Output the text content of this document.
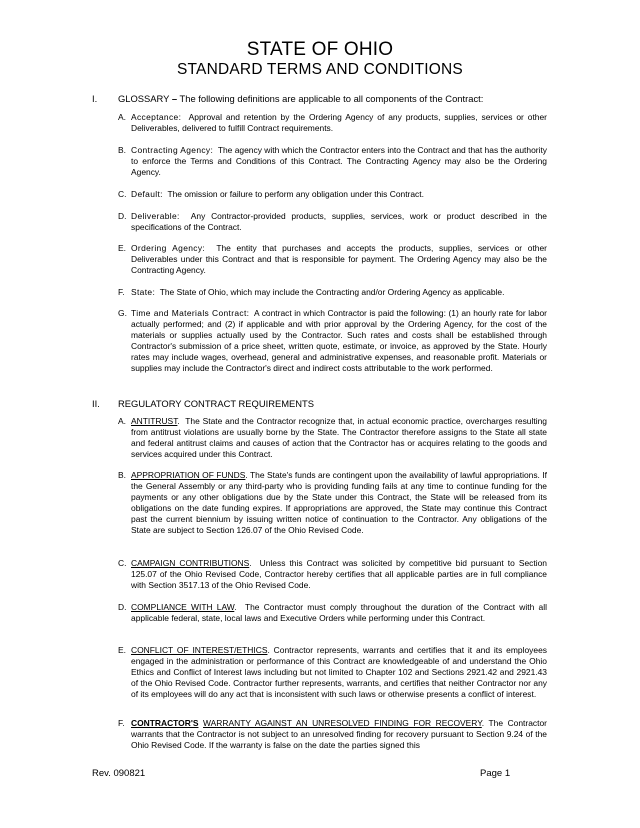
STATE OF OHIO
STANDARD TERMS AND CONDITIONS
I. GLOSSARY – The following definitions are applicable to all components of the Contract:
A. Acceptance: Approval and retention by the Ordering Agency of any products, supplies, services or other Deliverables, delivered to fulfill Contract requirements.
B. Contracting Agency: The agency with which the Contractor enters into the Contract and that has the authority to enforce the Terms and Conditions of this Contract. The Contracting Agency may also be the Ordering Agency.
C. Default: The omission or failure to perform any obligation under this Contract.
D. Deliverable: Any Contractor-provided products, supplies, services, work or product described in the specifications of the Contract.
E. Ordering Agency: The entity that purchases and accepts the products, supplies, services or other Deliverables under this Contract and that is responsible for payment. The Ordering Agency may also be the Contracting Agency.
F. State: The State of Ohio, which may include the Contracting and/or Ordering Agency as applicable.
G. Time and Materials Contract: A contract in which Contractor is paid the following: (1) an hourly rate for labor actually performed; and (2) if applicable and with prior approval by the Ordering Agency, for the cost of the materials or supplies actually used by the Contractor. Such rates and costs shall be established through Contractor's submission of a price sheet, written quote, estimate, or invoice, as approved by the State. Hourly rates may include wages, overhead, general and administrative expenses, and reasonable profit. Materials or supplies may include the Contractor's direct and indirect costs attributable to the work performed.
II. REGULATORY CONTRACT REQUIREMENTS
A. ANTITRUST.  The State and the Contractor recognize that, in actual economic practice, overcharges resulting from antitrust violations are usually borne by the State. The Contractor therefore assigns to the State all state and federal antitrust claims and causes of action that the Contractor has or acquires relating to the goods and services acquired under this Contract.
B. APPROPRIATION OF FUNDS. The State's funds are contingent upon the availability of lawful appropriations. If the General Assembly or any third-party who is providing funding fails at any time to continue funding for the payments or any other obligations due by the State under this Contract, the State will be released from its obligations on the date funding expires. If appropriations are approved, the State may continue this Contract past the current biennium by issuing written notice of continuation to the Contractor. Any obligations of the State are subject to Section 126.07 of the Ohio Revised Code.
C. CAMPAIGN CONTRIBUTIONS.  Unless this Contract was solicited by competitive bid pursuant to Section 125.07 of the Ohio Revised Code, Contractor hereby certifies that all applicable parties are in full compliance with Section 3517.13 of the Ohio Revised Code.
D. COMPLIANCE WITH LAW.  The Contractor must comply throughout the duration of the Contract with all applicable federal, state, local laws and Executive Orders while performing under this Contract.
E. CONFLICT OF INTEREST/ETHICS. Contractor represents, warrants and certifies that it and its employees engaged in the administration or performance of this Contract are knowledgeable of and understand the Ohio Ethics and Conflict of Interest laws including but not limited to Chapter 102 and Sections 2921.42 and 2921.43 of the Ohio Revised Code. Contractor further represents, warrants, and certifies that neither Contractor nor any of its employees will do any act that is inconsistent with such laws or otherwise presents a conflict of interest.
F. CONTRACTOR'S WARRANTY AGAINST AN UNRESOLVED FINDING FOR RECOVERY. The Contractor warrants that the Contractor is not subject to an unresolved finding for recovery pursuant to Section 9.24 of the Ohio Revised Code. If the warranty is false on the date the parties signed this
Rev. 090821	Page 1
